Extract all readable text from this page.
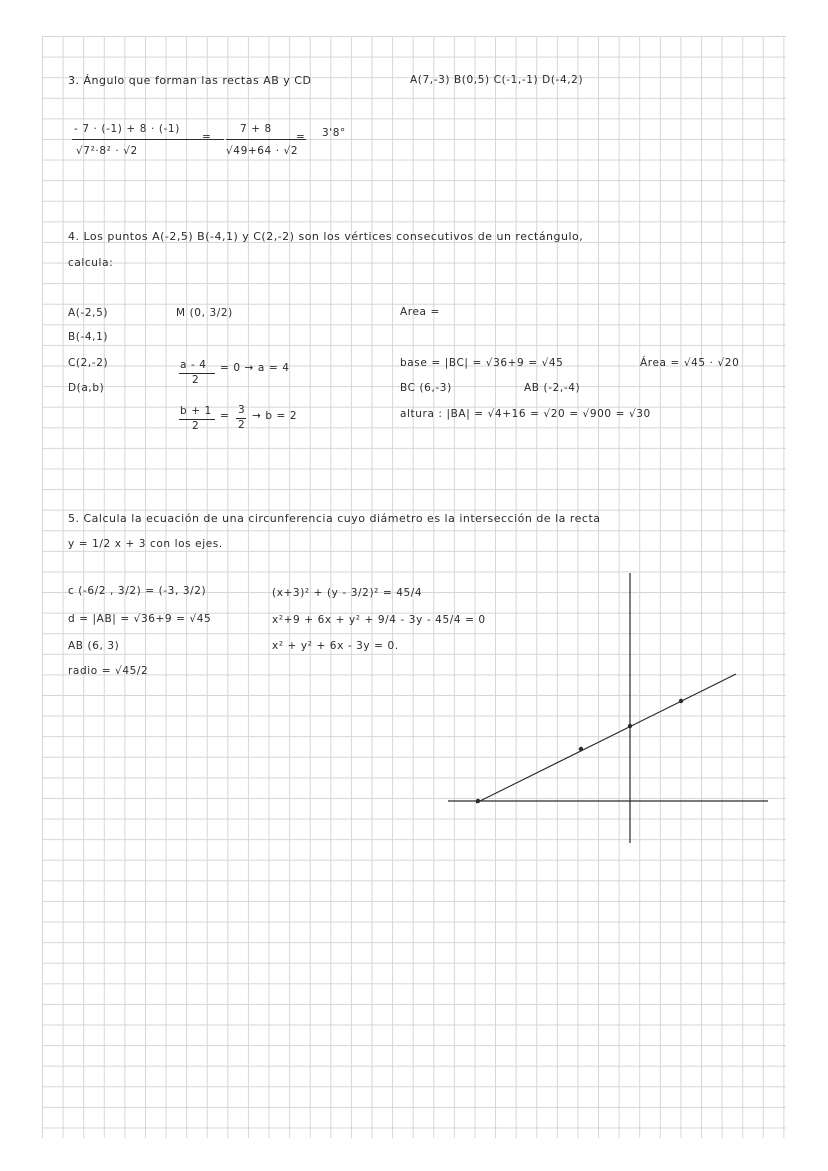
3. Ángulo que forman las rectas AB y CD	A(7,-3) B(0,5) C(-1,-1) D(-4,2)
- 7 · (-1) + 8 · (-1)
√7²·8² · √2
=
7 + 8
√49+64 · √2
= 3'8°
4. Los puntos A(-2,5) B(-4,1) y C(2,-2) son los vértices consecutivos de un rectángulo,
calcula:
A(-2,5)
B(-4,1)
C(2,-2)
D(a,b)
M (0, 3/2)
a - 4
2
= 0 → a = 4
b + 1
2
= 3
2
→ b = 2
Area =
base = |BC| = √36+9 = √45	Área = √45 · √20
BC (6,-3)	AB (-2,-4)
altura : |BA| = √4+16 = √20 = √900 = √30
5. Calcula la ecuación de una circunferencia cuyo diámetro es la intersección de la recta
y = 1/2 x + 3 con los ejes.
c (-6/2 , 3/2) = (-3, 3/2)
d = |AB| = √36+9 = √45
AB (6, 3)
radio = √45/2
(x+3)² + (y - 3/2)² = 45/4
x²+9 + 6x + y² + 9/4 - 3y - 45/4 = 0
x² + y² + 6x - 3y = 0.
